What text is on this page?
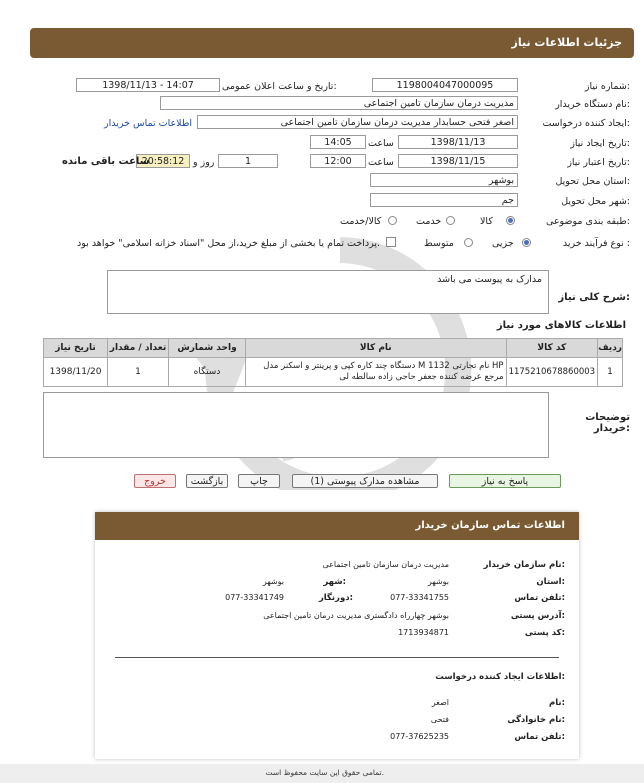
جزئیات اطلاعات نیاز
شماره نیاز:
1198004047000095
تاریخ و ساعت اعلان عمومی:
1398/11/13 - 14:07
نام دستگاه خریدار:
مدیریت درمان سازمان تامین اجتماعی
ایجاد کننده درخواست:
اصغر فتحی حسابدار مدیریت درمان سازمان تامین اجتماعی
اطلاعات تماس خریدار
تاریخ ایجاد نیاز:
1398/11/13
ساعت
14:05
تاریخ اعتبار نیاز:
1398/11/15
ساعت
12:00
1
روز و
20:58:12
ساعت باقی مانده
استان محل تحویل:
بوشهر
شهر محل تحویل:
جم
طبقه بندی موضوعی:
کالا
خدمت
کالا/خدمت
نوع فرآیند خرید :
جزیی
متوسط
پرداخت تمام یا بخشی از مبلغ خرید،از محل "اسناد خزانه اسلامی" خواهد بود.
شرح کلی نیاز:
مدارک به پیوست می باشد
اطلاعات کالاهای مورد نیاز
تاریخ نیاز	تعداد / مقدار	واحد شمارش	نام کالا	کد کالا	ردیف
1398/11/20	1	دستگاه	دستگاه چند کاره کپی و پرینتر و اسکنر مدل M 1132 نام تجارتی HP مرجع عرضه کننده جعفر حاجی زاده سالطه لی	1175210678860003	1
توضیحات خریدار:
پاسخ به نیاز
مشاهده مدارک پیوستی (1)
چاپ
بازگشت
خروج
اطلاعات تماس سازمان خریدار
نام سازمان خریدار:
مدیریت درمان سازمان تامین اجتماعی
استان:
بوشهر
شهر:
بوشهر
تلفن تماس:
077-33341755
دورنگار:
077-33341749
آدرس پستی:
بوشهر چهارراه دادگستری مدیریت درمان تامین اجتماعی
کد پستی:
1713934871
اطلاعات ایجاد کننده درخواست:
نام:
اصغر
نام خانوادگی:
فتحی
تلفن تماس:
077-37625235
تمامی حقوق این سایت محفوظ است.
